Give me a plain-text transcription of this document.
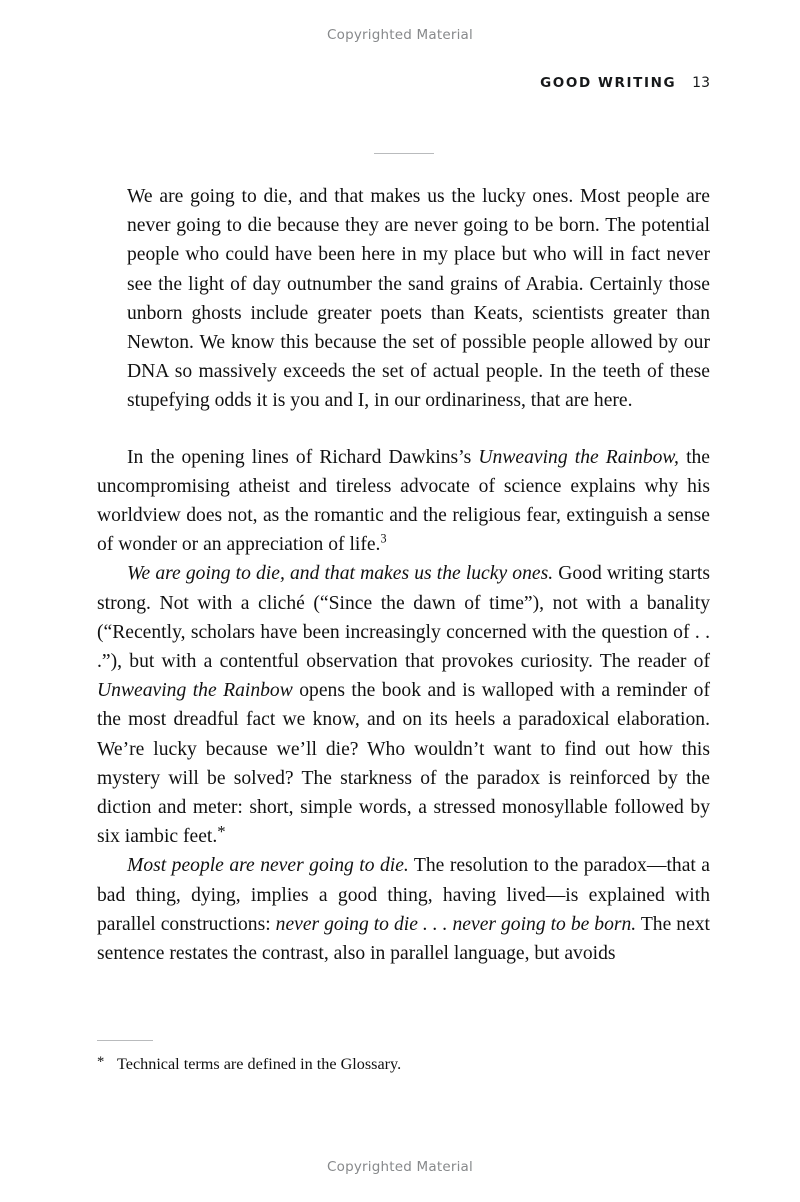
Copyrighted Material
GOOD WRITING 13

We are going to die, and that makes us the lucky ones. Most people are never going to die because they are never going to be born. The potential people who could have been here in my place but who will in fact never see the light of day outnumber the sand grains of Arabia. Certainly those unborn ghosts include greater poets than Keats, scientists greater than Newton. We know this because the set of possible people allowed by our DNA so massively exceeds the set of actual people. In the teeth of these stupefying odds it is you and I, in our ordinariness, that are here.

In the opening lines of Richard Dawkins’s Unweaving the Rainbow, the uncompromising atheist and tireless advocate of science explains why his worldview does not, as the romantic and the religious fear, extinguish a sense of wonder or an appreciation of life.$^3$

We are going to die, and that makes us the lucky ones. Good writing starts strong. Not with a cliché (“Since the dawn of time”), not with a banality (“Recently, scholars have been increasingly concerned with the question of . . .”), but with a contentful observation that provokes curiosity. The reader of Unweaving the Rainbow opens the book and is walloped with a reminder of the most dreadful fact we know, and on its heels a paradoxical elaboration. We’re lucky because we’ll die? Who wouldn’t want to find out how this mystery will be solved? The starkness of the paradox is reinforced by the diction and meter: short, simple words, a stressed monosyllable followed by six iambic feet.*

Most people are never going to die. The resolution to the paradox—that a bad thing, dying, implies a good thing, having lived—is explained with parallel constructions: never going to die . . . never going to be born. The next sentence restates the contrast, also in parallel language, but avoids

* Technical terms are defined in the Glossary.

Copyrighted Material
